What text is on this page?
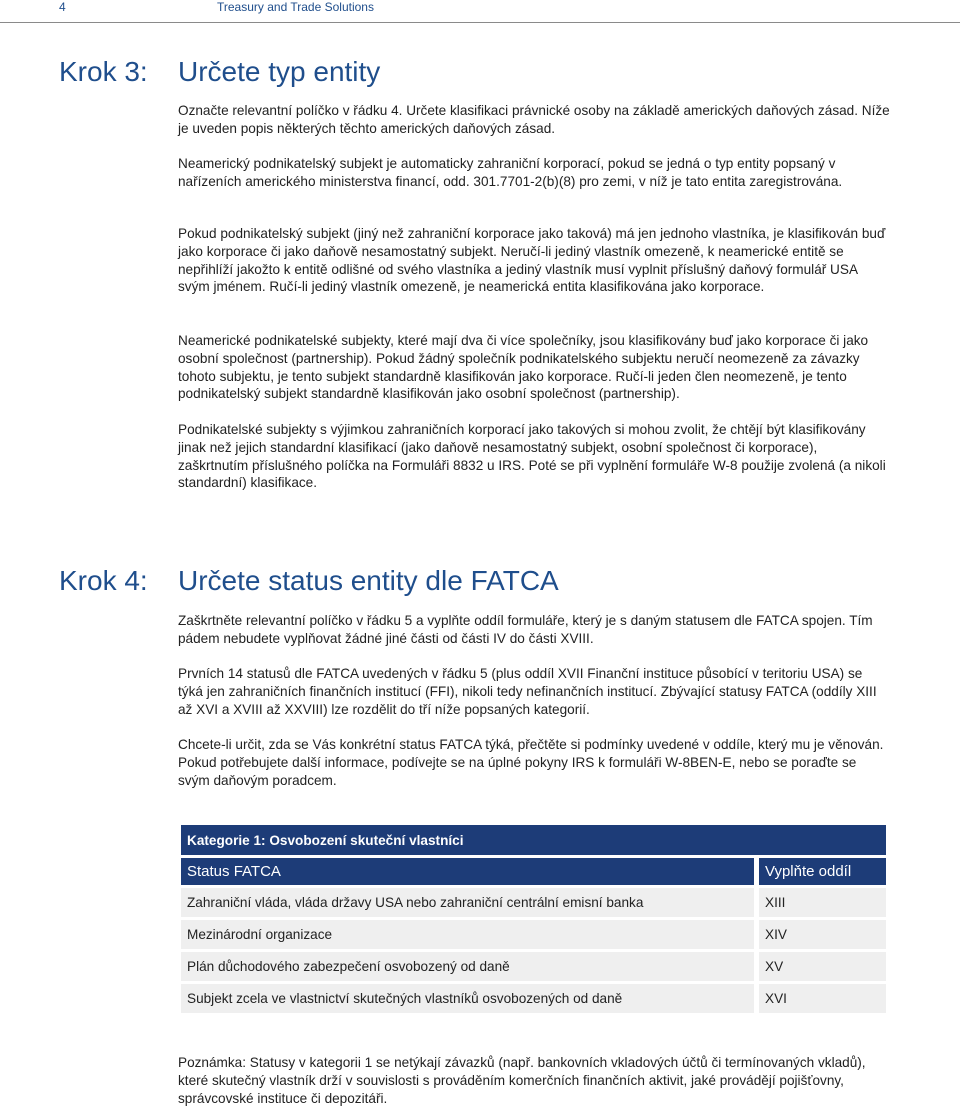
4	Treasury and Trade Solutions
Krok 3: Určete typ entity

Označte relevantní políčko v řádku 4. Určete klasifikaci právnické osoby na základě amerických daňových zásad. Níže je uveden popis některých těchto amerických daňových zásad.

Neamerický podnikatelský subjekt je automaticky zahraniční korporací, pokud se jedná o typ entity popsaný v nařízeních amerického ministerstva financí, odd. 301.7701-2(b)(8) pro zemi, v níž je tato entita zaregistrována.

Pokud podnikatelský subjekt (jiný než zahraniční korporace jako taková) má jen jednoho vlastníka, je klasifikován buď jako korporace či jako daňově nesamostatný subjekt. Neručí-li jediný vlastník omezeně, k neamerické entitě se nepřihlíží jakožto k entitě odlišné od svého vlastníka a jediný vlastník musí vyplnit příslušný daňový formulář USA svým jménem. Ručí-li jediný vlastník omezeně, je neamerická entita klasifikována jako korporace.

Neamerické podnikatelské subjekty, které mají dva či více společníky, jsou klasifikovány buď jako korporace či jako osobní společnost (partnership). Pokud žádný společník podnikatelského subjektu neručí neomezeně za závazky tohoto subjektu, je tento subjekt standardně klasifikován jako korporace. Ručí-li jeden člen neomezeně, je tento podnikatelský subjekt standardně klasifikován jako osobní společnost (partnership).

Podnikatelské subjekty s výjimkou zahraničních korporací jako takových si mohou zvolit, že chtějí být klasifikovány jinak než jejich standardní klasifikací (jako daňově nesamostatný subjekt, osobní společnost či korporace), zaškrtnutím příslušného políčka na Formuláři 8832 u IRS. Poté se při vyplnění formuláře W-8 použije zvolená (a nikoli standardní) klasifikace.

Krok 4: Určete status entity dle FATCA

Zaškrtněte relevantní políčko v řádku 5 a vyplňte oddíl formuláře, který je s daným statusem dle FATCA spojen. Tím pádem nebudete vyplňovat žádné jiné části od části IV do části XVIII.

Prvních 14 statusů dle FATCA uvedených v řádku 5 (plus oddíl XVII Finanční instituce působící v teritoriu USA) se týká jen zahraničních finančních institucí (FFI), nikoli tedy nefinančních institucí. Zbývající statusy FATCA (oddíly XIII až XVI a XVIII až XXVIII) lze rozdělit do tří níže popsaných kategorií.

Chcete-li určit, zda se Vás konkrétní status FATCA týká, přečtěte si podmínky uvedené v oddíle, který mu je věnován. Pokud potřebujete další informace, podívejte se na úplné pokyny IRS k formuláři W-8BEN-E, nebo se poraďte se svým daňovým poradcem.

Kategorie 1: Osvobození skuteční vlastníci	
Status FATCA	Vyplňte oddíl
Zahraniční vláda, vláda državy USA nebo zahraniční centrální emisní banka	XIII
Mezinárodní organizace	XIV
Plán důchodového zabezpečení osvobozený od daně	XV
Subjekt zcela ve vlastnictví skutečných vlastníků osvobozených od daně	XVI

Poznámka: Statusy v kategorii 1 se netýkají závazků (např. bankovních vkladových účtů či termínovaných vkladů), které skutečný vlastník drží v souvislosti s prováděním komerčních finančních aktivit, jaké provádějí pojišťovny, správcovské instituce či depozitáři.
